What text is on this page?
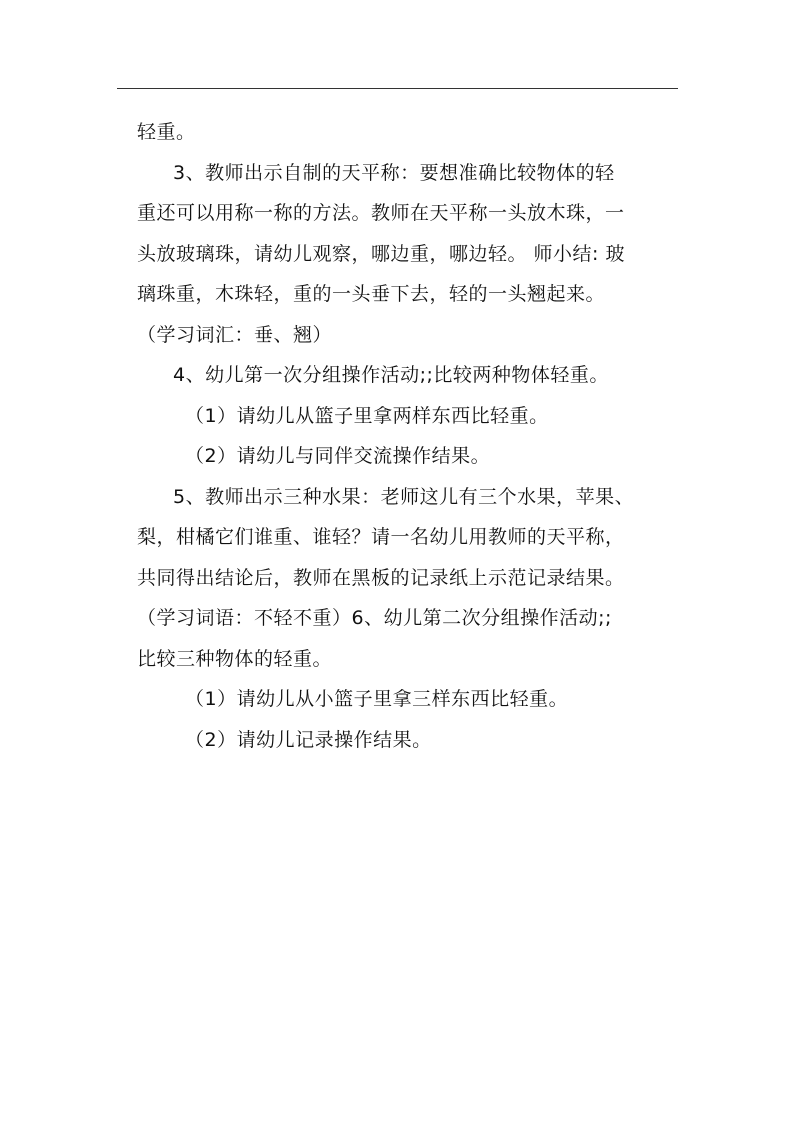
轻重。
3、教师出示自制的天平称：要想准确比较物体的轻
重还可以用称一称的方法。教师在天平称一头放木珠，一
头放玻璃珠，请幼儿观察，哪边重，哪边轻。 师小结: 玻
璃珠重，木珠轻，重的一头垂下去，轻的一头翘起来。
（学习词汇：垂、翘）
4、幼儿第一次分组操作活动;;比较两种物体轻重。
（1）请幼儿从篮子里拿两样东西比轻重。
（2）请幼儿与同伴交流操作结果。
5、教师出示三种水果：老师这儿有三个水果，苹果、
梨，柑橘它们谁重、谁轻？请一名幼儿用教师的天平称，
共同得出结论后，教师在黑板的记录纸上示范记录结果。
（学习词语：不轻不重）6、幼儿第二次分组操作活动;;
比较三种物体的轻重。
（1）请幼儿从小篮子里拿三样东西比轻重。
（2）请幼儿记录操作结果。
